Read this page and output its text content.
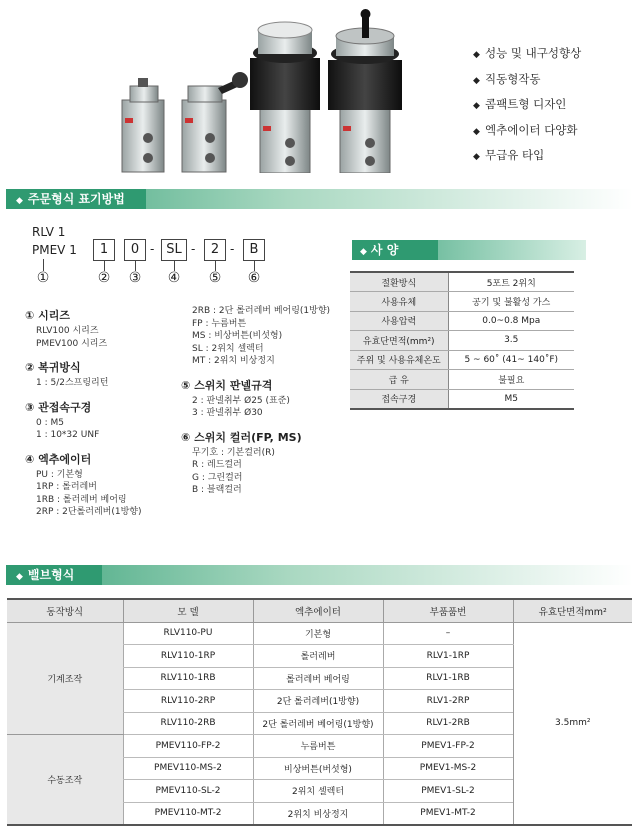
◆ 성능 및 내구성향상
◆ 직동형작동
◆ 콤팩트형 디자인
◆ 엑추에이터 다양화
◆ 무급유 타입
◆ 주문형식 표기방법
RLV 1
PMEV 1	1	0 - SL -	2 -	B
①	② ③ ④ ⑤ ⑥
① 시리즈
RLV100 시리즈
PMEV100 시리즈
② 복귀방식
1 : 5/2스프링리턴
③ 관접속구경
0 : M5
1 : 10*32 UNF
④ 엑추에이터
PU : 기본형
1RP : 롤러레버
1RB : 롤러레버 베어링
2RP : 2단롤러레버(1방향)
2RB : 2단 롤러레버 베어링(1방향)
FP : 누름버튼
MS : 비상버튼(비섯형)
SL : 2위치 셀렉터
MT : 2위치 비상정지
⑤ 스위치 판넬규격
2 : 판넬취부 Ø25 (표준)
3 : 판넬취부 Ø30
⑥ 스위치 컬러(FP, MS)
무기호 : 기본컬러(R)
R : 레드컬러
G : 그린컬러
B : 블랙컬러
◆ 사 양
절환방식	5포트 2위치
사용유체	공기 및 불활성 가스
사용압력	0.0~0.8 Mpa
유효단면적(mm²)	3.5
주위 및 사용유체온도	5 ~ 60˚ (41~ 140˚F)
급 유	불필요
접속구경	M5
◆ 밸브형식
동작방식	모 델	엑추에이터	부품품번	유효단면적mm²
기계조작	RLV110-PU	기본형	–	3.5mm²
	RLV110-1RP	롤러레버	RLV1-1RP	
	RLV110-1RB	롤러레버 베어링	RLV1-1RB	
	RLV110-2RP	2단 롤러레버(1방향)	RLV1-2RP	
	RLV110-2RB	2단 롤러레버 베어링(1방향)	RLV1-2RB	
수동조작	PMEV110-FP-2	누름버튼	PMEV1-FP-2	
	PMEV110-MS-2	비상버튼(버섯형)	PMEV1-MS-2	
	PMEV110-SL-2	2위치 셀렉터	PMEV1-SL-2	
	PMEV110-MT-2	2위치 비상정지	PMEV1-MT-2	
